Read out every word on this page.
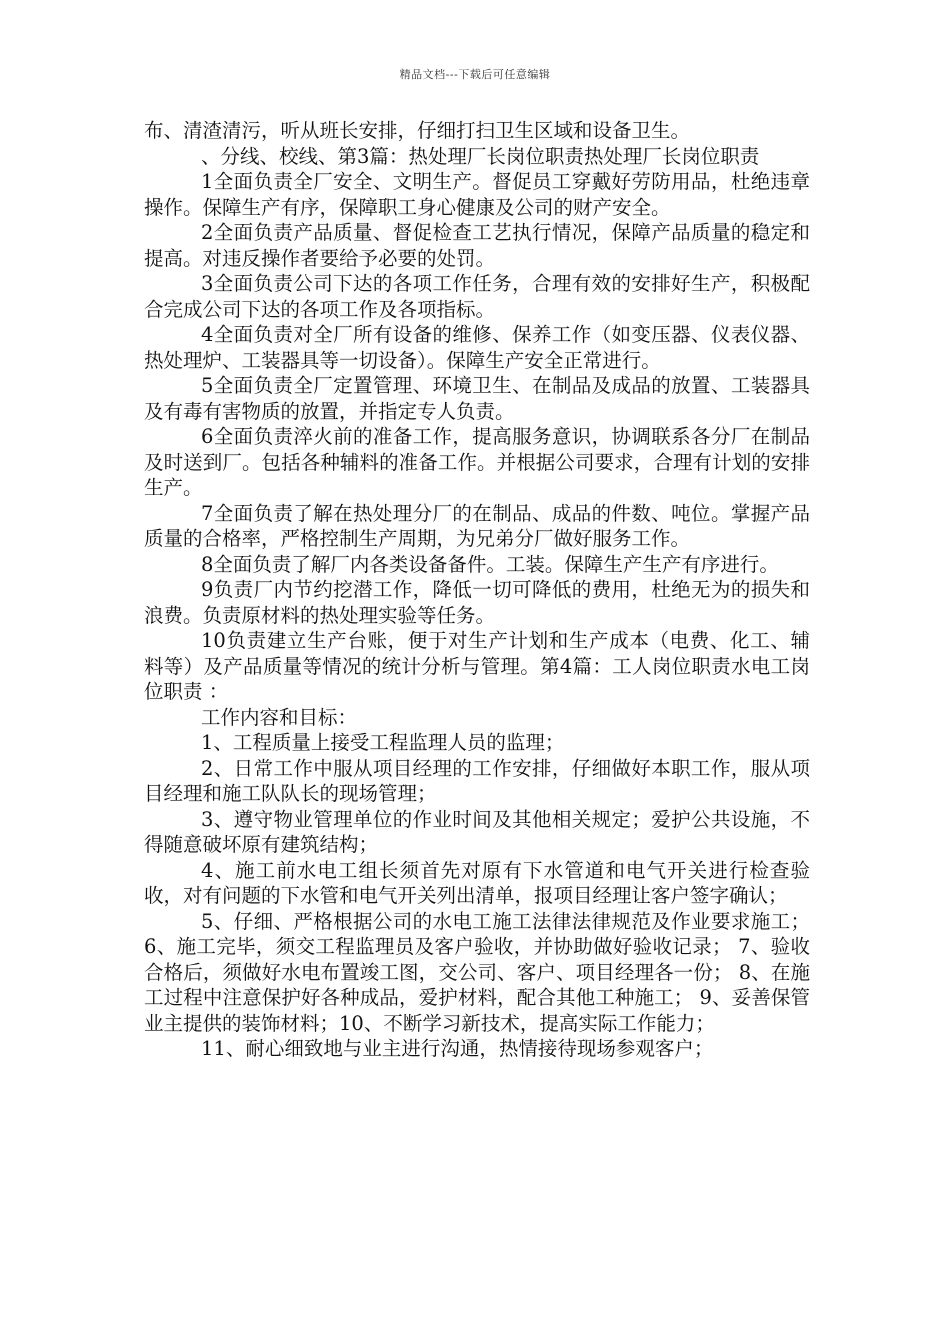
精品文档---下载后可任意编辑

布、清渣清污，听从班长安排，仔细打扫卫生区域和设备卫生。

、分线、校线、第3篇：热处理厂长岗位职责热处理厂长岗位职责

1全面负责全厂安全、文明生产。督促员工穿戴好劳防用品，杜绝违章操作。保障生产有序，保障职工身心健康及公司的财产安全。

2全面负责产品质量、督促检查工艺执行情况，保障产品质量的稳定和提高。对违反操作者要给予必要的处罚。

3全面负责公司下达的各项工作任务，合理有效的安排好生产，积极配合完成公司下达的各项工作及各项指标。

4全面负责对全厂所有设备的维修、保养工作（如变压器、仪表仪器、热处理炉、工装器具等一切设备）。保障生产安全正常进行。

5全面负责全厂定置管理、环境卫生、在制品及成品的放置、工装器具及有毒有害物质的放置，并指定专人负责。

6全面负责淬火前的准备工作，提高服务意识，协调联系各分厂在制品及时送到厂。包括各种辅料的准备工作。并根据公司要求，合理有计划的安排生产。

7全面负责了解在热处理分厂的在制品、成品的件数、吨位。掌握产品质量的合格率，严格控制生产周期，为兄弟分厂做好服务工作。

8全面负责了解厂内各类设备备件。工装。保障生产生产有序进行。

9负责厂内节约挖潜工作，降低一切可降低的费用，杜绝无为的损失和浪费。负责原材料的热处理实验等任务。

10负责建立生产台账，便于对生产计划和生产成本（电费、化工、辅料等）及产品质量等情况的统计分析与管理。第4篇：工人岗位职责水电工岗位职责 ：

工作内容和目标：

1、工程质量上接受工程监理人员的监理；

2、日常工作中服从项目经理的工作安排，仔细做好本职工作，服从项目经理和施工队队长的现场管理；

3、遵守物业管理单位的作业时间及其他相关规定；爱护公共设施，不得随意破坏原有建筑结构；

4、施工前水电工组长须首先对原有下水管道和电气开关进行检查验收，对有问题的下水管和电气开关列出清单，报项目经理让客户签字确认；

5、仔细、严格根据公司的水电工施工法律法律规范及作业要求施工； 6、施工完毕，须交工程监理员及客户验收，并协助做好验收记录； 7、验收合格后，须做好水电布置竣工图，交公司、客户、项目经理各一份； 8、在施工过程中注意保护好各种成品，爱护材料，配合其他工种施工； 9、妥善保管业主提供的装饰材料；10、不断学习新技术，提高实际工作能力；

11、耐心细致地与业主进行沟通，热情接待现场参观客户；
